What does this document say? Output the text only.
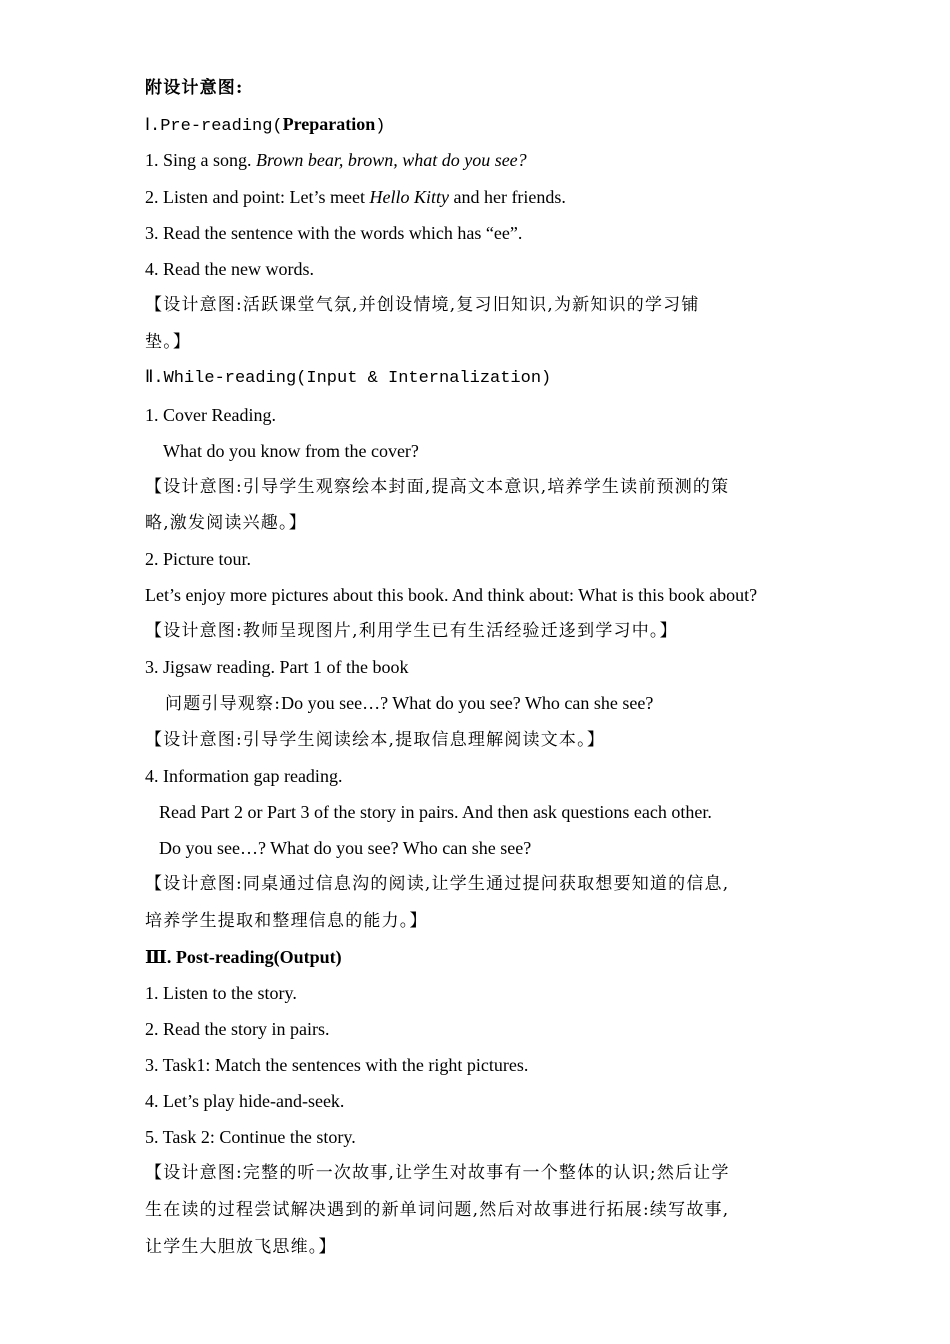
附设计意图:
Ⅰ.Pre-reading(Preparation)
1. Sing a song. Brown bear, brown, what do you see?
2. Listen and point: Let’s meet Hello Kitty and her friends.
3. Read the sentence with the words which has “ee”.
4. Read the new words.
【设计意图:活跃课堂气氛,并创设情境,复习旧知识,为新知识的学习铺
垫。】
Ⅱ.While-reading(Input & Internalization)
1. Cover Reading.
What do you know from the cover?
【设计意图:引导学生观察绘本封面,提高文本意识,培养学生读前预测的策
略,激发阅读兴趣。】
2. Picture tour.
Let’s enjoy more pictures about this book. And think about: What is this book about?
【设计意图:教师呈现图片,利用学生已有生活经验迁迻到学习中。】
3. Jigsaw reading. Part 1 of the book
问题引导观察:Do you see…? What do you see? Who can she see?
【设计意图:引导学生阅读绘本,提取信息理解阅读文本。】
4. Information gap reading.
Read Part 2 or Part 3 of the story in pairs. And then ask questions each other.
Do you see…? What do you see? Who can she see?
【设计意图:同桌通过信息沟的阅读,让学生通过提问获取想要知道的信息,
培养学生提取和整理信息的能力。】
Ⅲ. Post-reading(Output)
1. Listen to the story.
2. Read the story in pairs.
3. Task1: Match the sentences with the right pictures.
4. Let’s play hide-and-seek.
5. Task 2: Continue the story.
【设计意图:完整的听一次故事,让学生对故事有一个整体的认识;然后让学
生在读的过程尝试解决遇到的新单词问题,然后对故事进行拓展:续写故事,
让学生大胆放飞思维。】
